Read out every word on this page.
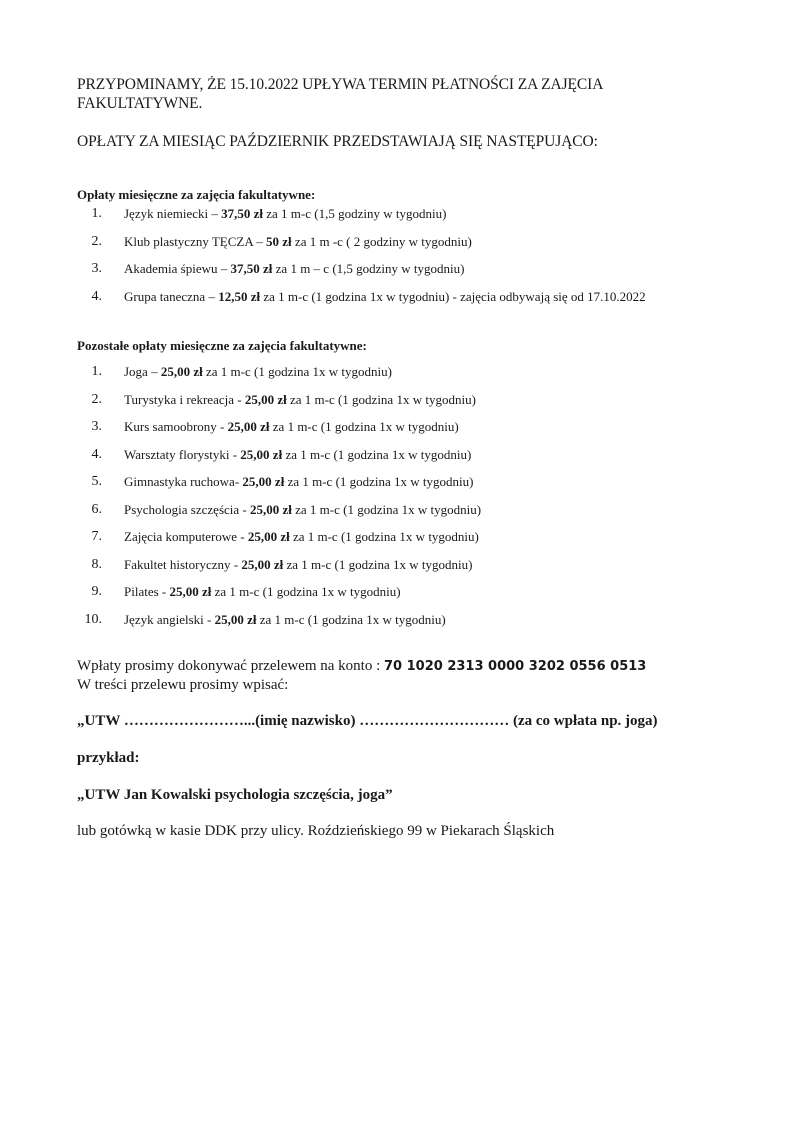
PRZYPOMINAMY, ŻE 15.10.2022 UPŁYWA TERMIN PŁATNOŚCI ZA ZAJĘCIA
FAKULTATYWNE.
OPŁATY ZA MIESIĄC PAŹDZIERNIK PRZEDSTAWIAJĄ SIĘ NASTĘPUJĄCO:
Opłaty miesięczne za zajęcia fakultatywne:
1. Język niemiecki – 37,50 zł za 1 m-c (1,5 godziny w tygodniu)
2. Klub plastyczny TĘCZA – 50 zł za 1 m -c ( 2 godziny w tygodniu)
3. Akademia śpiewu – 37,50 zł za 1 m – c (1,5 godziny w tygodniu)
4. Grupa taneczna – 12,50 zł za 1 m-c (1 godzina 1x w tygodniu) - zajęcia odbywają się od 17.10.2022
Pozostałe opłaty miesięczne za zajęcia fakultatywne:
1. Joga – 25,00 zł za 1 m-c (1 godzina 1x w tygodniu)
2. Turystyka i rekreacja - 25,00 zł za 1 m-c (1 godzina 1x w tygodniu)
3. Kurs samoobrony - 25,00 zł za 1 m-c (1 godzina 1x w tygodniu)
4. Warsztaty florystyki - 25,00 zł za 1 m-c (1 godzina 1x w tygodniu)
5. Gimnastyka ruchowa- 25,00 zł za 1 m-c (1 godzina 1x w tygodniu)
6. Psychologia szczęścia - 25,00 zł za 1 m-c (1 godzina 1x w tygodniu)
7. Zajęcia komputerowe - 25,00 zł za 1 m-c (1 godzina 1x w tygodniu)
8. Fakultet historyczny - 25,00 zł za 1 m-c (1 godzina 1x w tygodniu)
9. Pilates - 25,00 zł za 1 m-c (1 godzina 1x w tygodniu)
10. Język angielski - 25,00 zł za 1 m-c (1 godzina 1x w tygodniu)
Wpłaty prosimy dokonywać przelewem na konto : 70 1020 2313 0000 3202 0556 0513
W treści przelewu prosimy wpisać:
„UTW ……………………...(imię nazwisko) ………………………… (za co wpłata np. joga)
przykład:
„UTW Jan Kowalski psychologia szczęścia, joga”
lub gotówką w kasie DDK przy ulicy. Roździeńskiego 99 w Piekarach Śląskich
